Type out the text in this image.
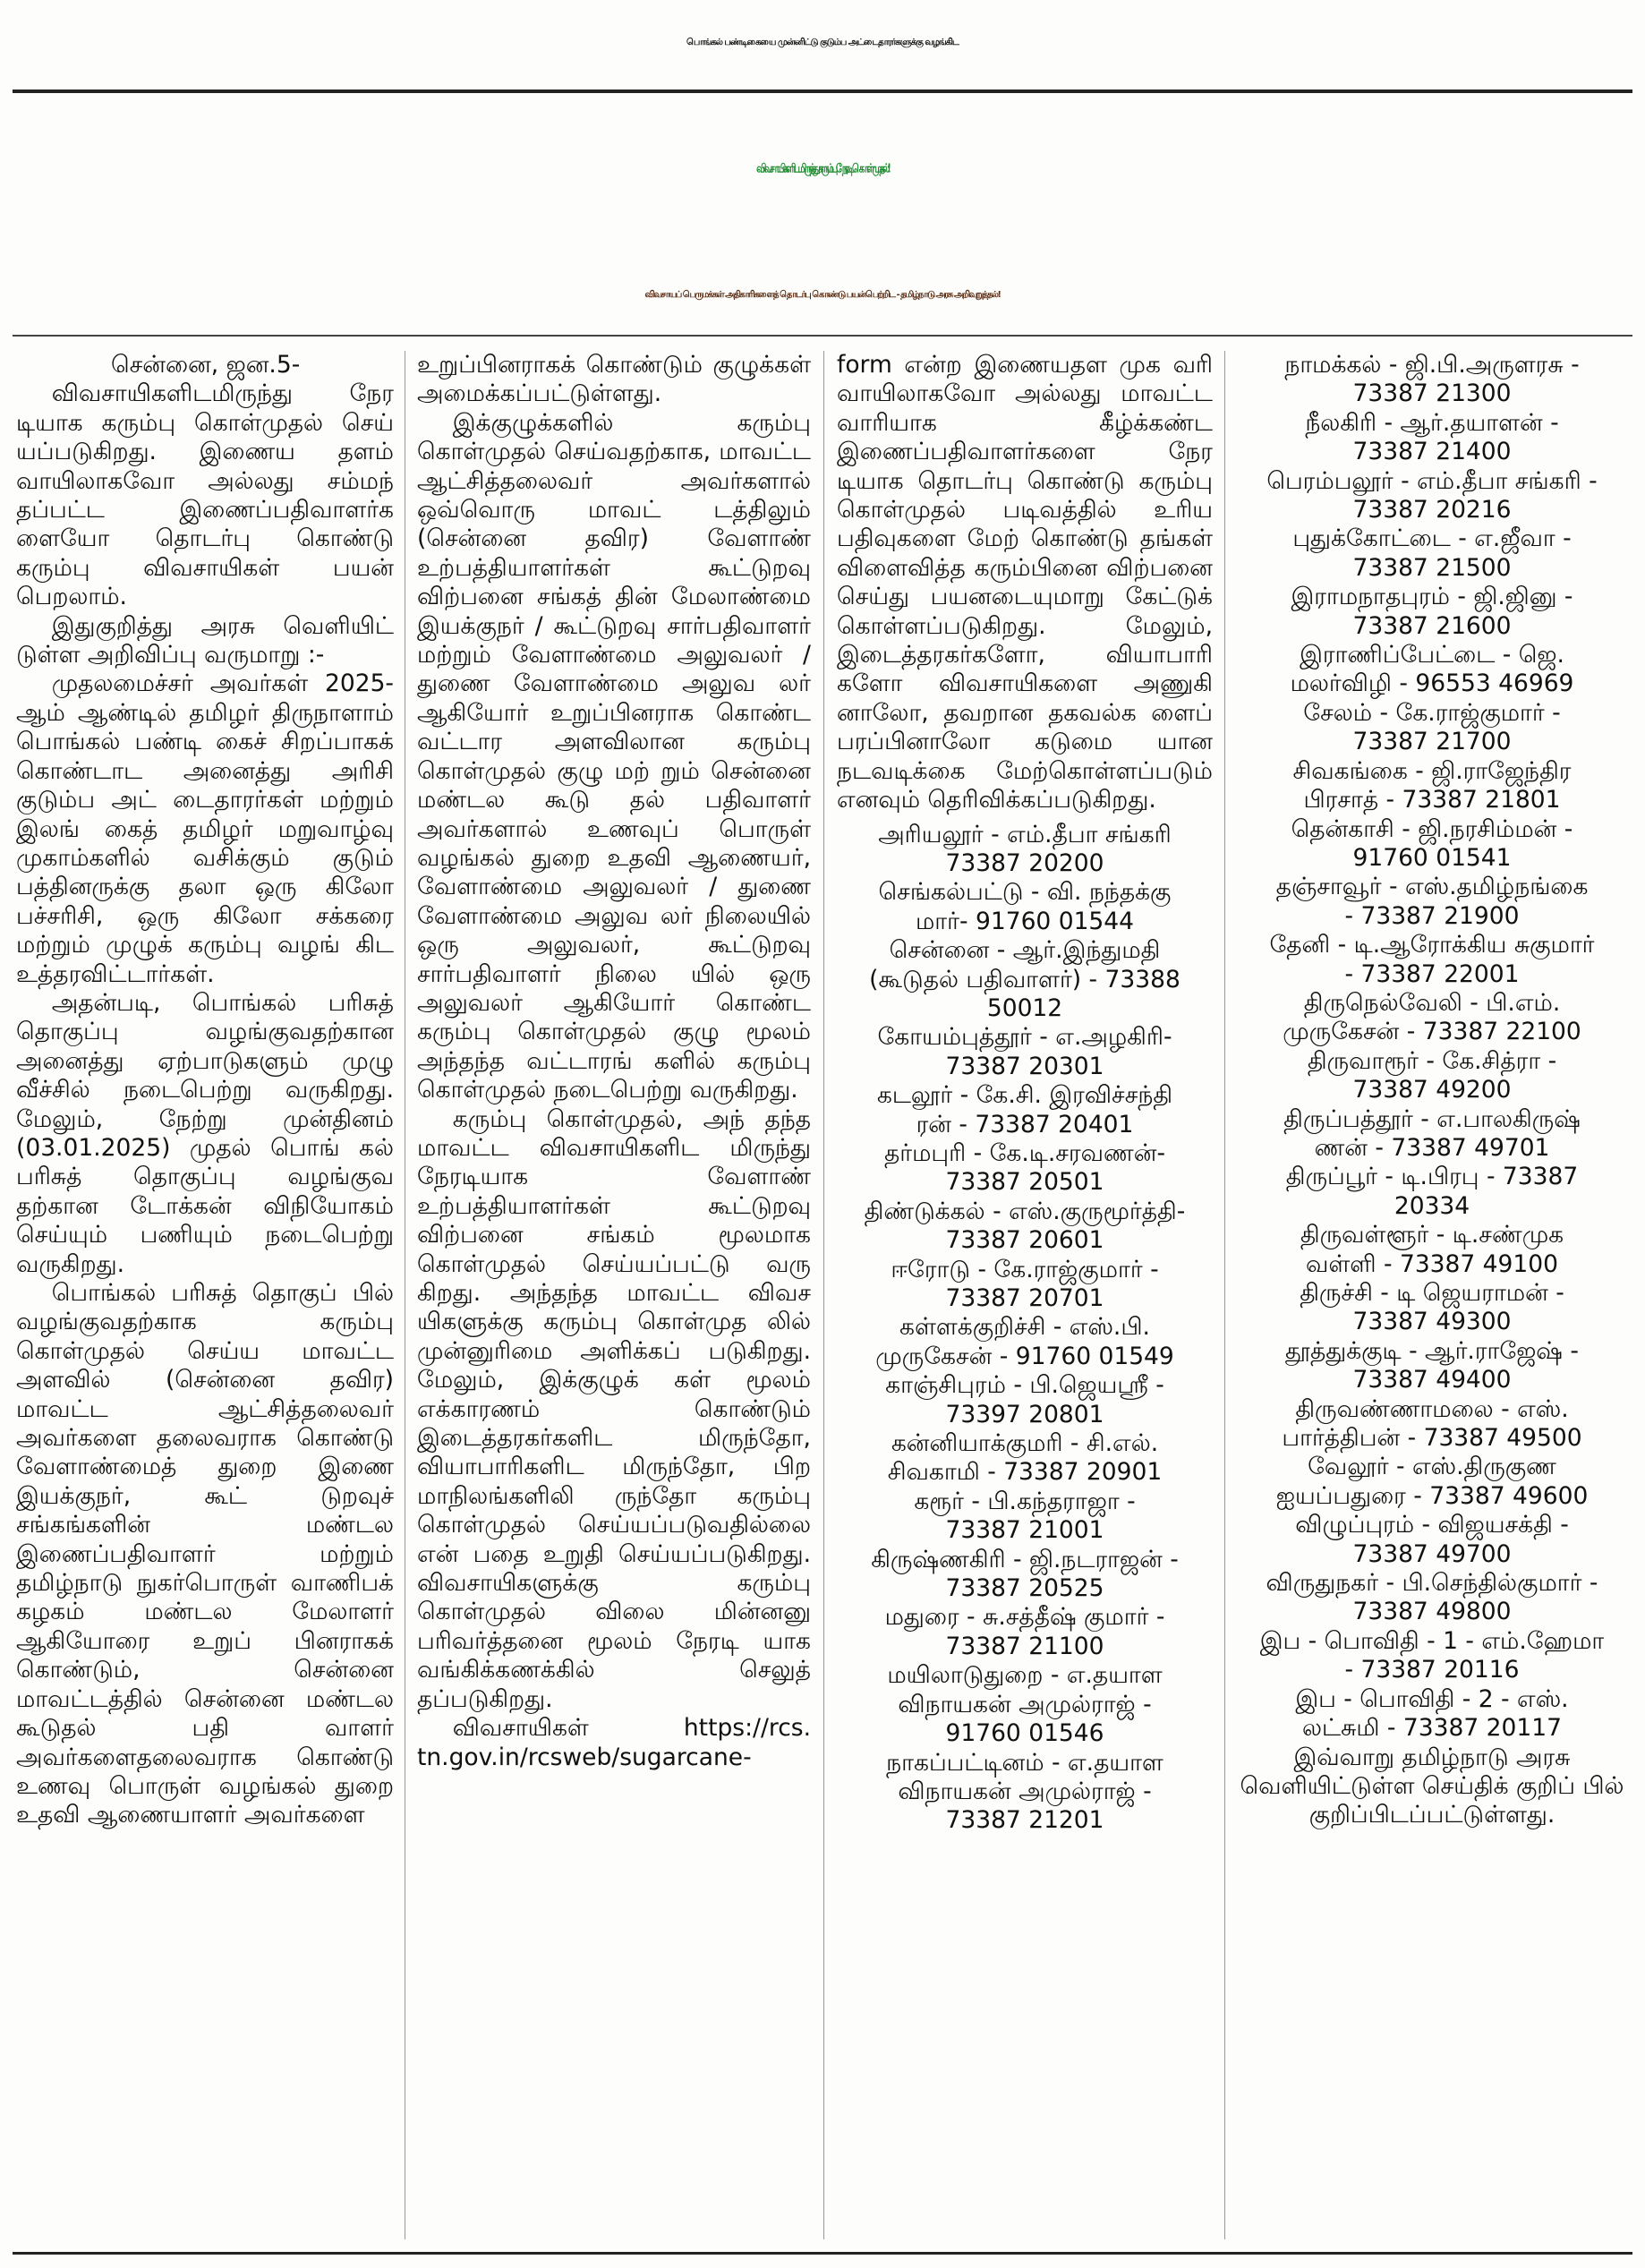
பொங்கல் பண்டிகையை முன்னிட்டு குடும்ப அட்டைதாரர்களுக்கு வழங்கிட
விவசாயிகளிடமிருந்து கரும்பு நேரடி கொள்முதல்!
விவசாயப் பெருமக்கள் அதிகாரிகளைத் தொடர்பு கொண்டு பயன்பெற்றிட - தமிழ்நாடு அரசு அறிவுறுத்தல்!

சென்னை, ஜன.5-

விவசாயிகளிடமிருந்து நேர டியாக கரும்பு கொள்முதல் செய் யப்படுகிறது. இணைய தளம் வாயிலாகவோ அல்லது சம்மந் தப்பட்ட இணைப்பதிவாளர்க ளையோ தொடர்பு கொண்டு கரும்பு விவசாயிகள் பயன் பெறலாம்.

இதுகுறித்து அரசு வெளியிட் டுள்ள அறிவிப்பு வருமாறு :-

முதலமைச்சர் அவர்கள் 2025-ஆம் ஆண்டில் தமிழர் திருநாளாம் பொங்கல் பண்டி கைச் சிறப்பாகக் கொண்டாட அனைத்து அரிசி குடும்ப அட் டைதாரர்கள் மற்றும் இலங் கைத் தமிழர் மறுவாழ்வு முகாம்களில் வசிக்கும் குடும் பத்தினருக்கு தலா ஒரு கிலோ பச்சரிசி, ஒரு கிலோ சக்கரை மற்றும் முழுக் கரும்பு வழங் கிட உத்தரவிட்டார்கள்.

அதன்படி, பொங்கல் பரிசுத் தொகுப்பு வழங்குவதற்கான அனைத்து ஏற்பாடுகளும் முழு வீச்சில் நடைபெற்று வருகிறது. மேலும், நேற்று முன்தினம் (03.01.2025) முதல் பொங் கல் பரிசுத் தொகுப்பு வழங்குவ தற்கான டோக்கன் விநியோகம் செய்யும் பணியும் நடைபெற்று வருகிறது.

பொங்கல் பரிசுத் தொகுப் பில் வழங்குவதற்காக கரும்பு கொள்முதல் செய்ய மாவட்ட அளவில் (சென்னை தவிர) மாவட்ட ஆட்சித்தலைவர் அவர்களை தலைவராக கொண்டு வேளாண்மைத் துறை இணை இயக்குநர், கூட் டுறவுச் சங்கங்களின் மண்டல இணைப்பதிவாளர் மற்றும் தமிழ்நாடு நுகர்பொருள் வாணிபக் கழகம் மண்டல மேலாளர் ஆகியோரை உறுப் பினராகக் கொண்டும், சென்னை மாவட்டத்தில் சென்னை மண்டல கூடுதல் பதி வாளர் அவர்களைதலைவராக கொண்டு உணவு பொருள் வழங்கல் துறை உதவி ஆணையாளர் அவர்களை

உறுப்பினராகக் கொண்டும் குழுக்கள் அமைக்கப்பட்டுள்ளது.

இக்குழுக்களில் கரும்பு கொள்முதல் செய்வதற்காக, மாவட்ட ஆட்சித்தலைவர் அவர்களால் ஒவ்வொரு மாவட் டத்திலும் (சென்னை தவிர) வேளாண் உற்பத்தியாளர்கள் கூட்டுறவு விற்பனை சங்கத் தின் மேலாண்மை இயக்குநர் / கூட்டுறவு சார்பதிவாளர் மற்றும் வேளாண்மை அலுவலர் / துணை வேளாண்மை அலுவ லர் ஆகியோர் உறுப்பினராக கொண்ட வட்டார அளவிலான கரும்பு கொள்முதல் குழு மற் றும் சென்னை மண்டல கூடு தல் பதிவாளர் அவர்களால் உணவுப் பொருள் வழங்கல் துறை உதவி ஆணையர், வேளாண்மை அலுவலர் / துணை வேளாண்மை அலுவ லர் நிலையில் ஒரு அலுவலர், கூட்டுறவு சார்பதிவாளர் நிலை யில் ஒரு அலுவலர் ஆகியோர் கொண்ட கரும்பு கொள்முதல் குழு மூலம் அந்தந்த வட்டாரங் களில் கரும்பு கொள்முதல் நடைபெற்று வருகிறது.

கரும்பு கொள்முதல், அந் தந்த மாவட்ட விவசாயிகளிட மிருந்து நேரடியாக வேளாண் உற்பத்தியாளர்கள் கூட்டுறவு விற்பனை சங்கம் மூலமாக கொள்முதல் செய்யப்பட்டு வரு கிறது. அந்தந்த மாவட்ட விவச யிகளுக்கு கரும்பு கொள்முத லில் முன்னுரிமை அளிக்கப் படுகிறது. மேலும், இக்குழுக் கள் மூலம் எக்காரணம் கொண்டும் இடைத்தரகர்களிட மிருந்தோ, வியாபாரிகளிட மிருந்தோ, பிற மாநிலங்களிலி ருந்தோ கரும்பு கொள்முதல் செய்யப்படுவதில்லை என் பதை உறுதி செய்யப்படுகிறது. விவசாயிகளுக்கு கரும்பு கொள்முதல் விலை மின்னனு பரிவர்த்தனை மூலம் நேரடி யாக வங்கிக்கணக்கில் செலுத் தப்படுகிறது.

விவசாயிகள் https://rcs. tn.gov.in/rcsweb/sugarcane-

form என்ற இணையதள முக வரி வாயிலாகவோ அல்லது மாவட்ட வாரியாக கீழ்க்கண்ட இணைப்பதிவாளர்களை நேர டியாக தொடர்பு கொண்டு கரும்பு கொள்முதல் படிவத்தில் உரிய பதிவுகளை மேற் கொண்டு தங்கள் விளைவித்த கரும்பினை விற்பனை செய்து பயனடையுமாறு கேட்டுக் கொள்ளப்படுகிறது. மேலும், இடைத்தரகர்களோ, வியாபாரி களோ விவசாயிகளை அணுகி னாலோ, தவறான தகவல்க ளைப் பரப்பினாலோ கடுமை யான நடவடிக்கை மேற்கொள்ளப்படும் எனவும் தெரிவிக்கப்படுகிறது.

அரியலூர் - எம்.தீபா சங்கரி
73387 20200
செங்கல்பட்டு - வி. நந்தக்கு
மார்- 91760 01544
சென்னை - ஆர்.இந்துமதி
(கூடுதல் பதிவாளர்) - 73388
50012
கோயம்புத்தூர் - எ.அழகிரி-
73387 20301
கடலூர் - கே.சி. இரவிச்சந்தி
ரன் - 73387 20401
தர்மபுரி - கே.டி.சரவணன்-
73387 20501
திண்டுக்கல் - எஸ்.குருமூர்த்தி-
73387 20601
ஈரோடு - கே.ராஜ்குமார் -
73387 20701
கள்ளக்குறிச்சி - எஸ்.பி.
முருகேசன் - 91760 01549
காஞ்சிபுரம் - பி.ஜெயஸ்ரீ -
73397 20801
கன்னியாக்குமரி - சி.எல்.
சிவகாமி - 73387 20901
கரூர் - பி.கந்தராஜா -
73387 21001
கிருஷ்ணகிரி - ஜி.நடராஜன் -
73387 20525
மதுரை - சு.சத்தீஷ் குமார் -
73387 21100
மயிலாடுதுறை - எ.தயாள
விநாயகன் அமுல்ராஜ் -
91760 01546
நாகப்பட்டினம் - எ.தயாள
விநாயகன் அமுல்ராஜ் -
73387 21201
நாமக்கல் - ஜி.பி.அருளரசு -
73387 21300
நீலகிரி - ஆர்.தயாளன் -
73387 21400
பெரம்பலூர் - எம்.தீபா சங்கரி -
73387 20216
புதுக்கோட்டை - எ.ஜீவா -
73387 21500
இராமநாதபுரம் - ஜி.ஜினு -
73387 21600
இராணிப்பேட்டை - ஜெ.
மலர்விழி - 96553 46969
சேலம் - கே.ராஜ்குமார் -
73387 21700
சிவகங்கை - ஜி.ராஜேந்திர
பிரசாத் - 73387 21801
தென்காசி - ஜி.நரசிம்மன் -
91760 01541
தஞ்சாவூர் - எஸ்.தமிழ்நங்கை
- 73387 21900
தேனி - டி.ஆரோக்கிய சுகுமார்
- 73387 22001
திருநெல்வேலி - பி.எம்.
முருகேசன் - 73387 22100
திருவாரூர் - கே.சித்ரா -
73387 49200
திருப்பத்தூர் - எ.பாலகிருஷ்
ணன் - 73387 49701
திருப்பூர் - டி.பிரபு - 73387
20334
திருவள்ளூர் - டி.சண்முக
வள்ளி - 73387 49100
திருச்சி - டி ஜெயராமன் -
73387 49300
தூத்துக்குடி - ஆர்.ராஜேஷ் -
73387 49400
திருவண்ணாமலை - எஸ்.
பார்த்திபன் - 73387 49500
வேலூர் - எஸ்.திருகுண
ஐயப்பதுரை - 73387 49600
விழுப்புரம் - விஜயசக்தி -
73387 49700
விருதுநகர் - பி.செந்தில்குமார் -
73387 49800
இப - பொவிதி - 1 - எம்.ஹேமா
- 73387 20116
இப - பொவிதி - 2 - எஸ்.
லட்சுமி - 73387 20117
இவ்வாறு தமிழ்நாடு அரசு வெளியிட்டுள்ள செய்திக் குறிப் பில் குறிப்பிடப்பட்டுள்ளது.
